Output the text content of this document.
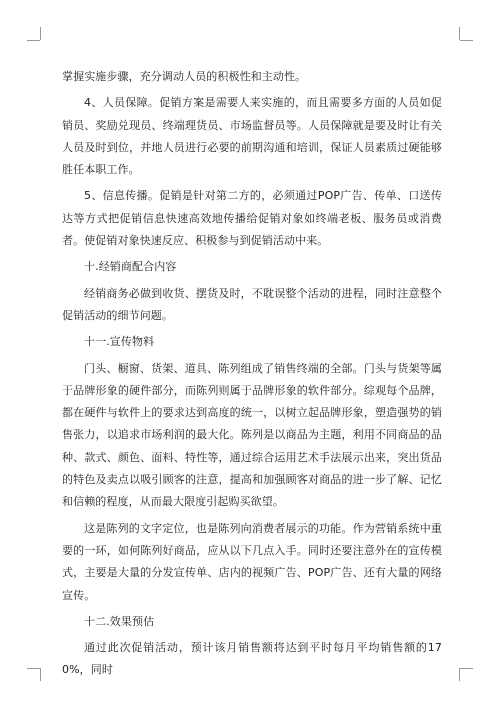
掌握实施步骤，充分调动人员的积极性和主动性。

4、人员保障。促销方案是需要人来实施的，而且需要多方面的人员如促销员、奖励兑现员、终端理货员、市场监督员等。人员保障就是要及时让有关人员及时到位，并地人员进行必要的前期沟通和培训，保证人员素质过硬能够胜任本职工作。

5、信息传播。促销是针对第二方的，必须通过POP广告、传单、口送传达等方式把促销信息快速高效地传播给促销对象如终端老板、服务员或消费者。使促销对象快速反应、积极参与到促销活动中来。

十.经销商配合内容

经销商务必做到收货、摆货及时，不耽误整个活动的进程，同时注意整个促销活动的细节问题。

十一.宣传物料

门头、橱窗、货架、道具、陈列组成了销售终端的全部。门头与货架等属于品牌形象的硬件部分，而陈列则属于品牌形象的软件部分。综观每个品牌，都在硬件与软件上的要求达到高度的统一，以树立起品牌形象，塑造强势的销售张力，以追求市场利润的最大化。陈列是以商品为主题，利用不同商品的品种、款式、颜色、面料、特性等，通过综合运用艺术手法展示出来，突出货品的特色及卖点以吸引顾客的注意，提高和加强顾客对商品的进一步了解、记忆和信赖的程度，从而最大限度引起购买欲望。

这是陈列的文字定位，也是陈列向消费者展示的功能。作为营销系统中重要的一环，如何陈列好商品，应从以下几点入手。同时还要注意外在的宣传模式，主要是大量的分发宣传单、店内的视频广告、POP广告、还有大量的网络宣传。

十二.效果预估

通过此次促销活动，预计该月销售额将达到平时每月平均销售额的170%，同时
